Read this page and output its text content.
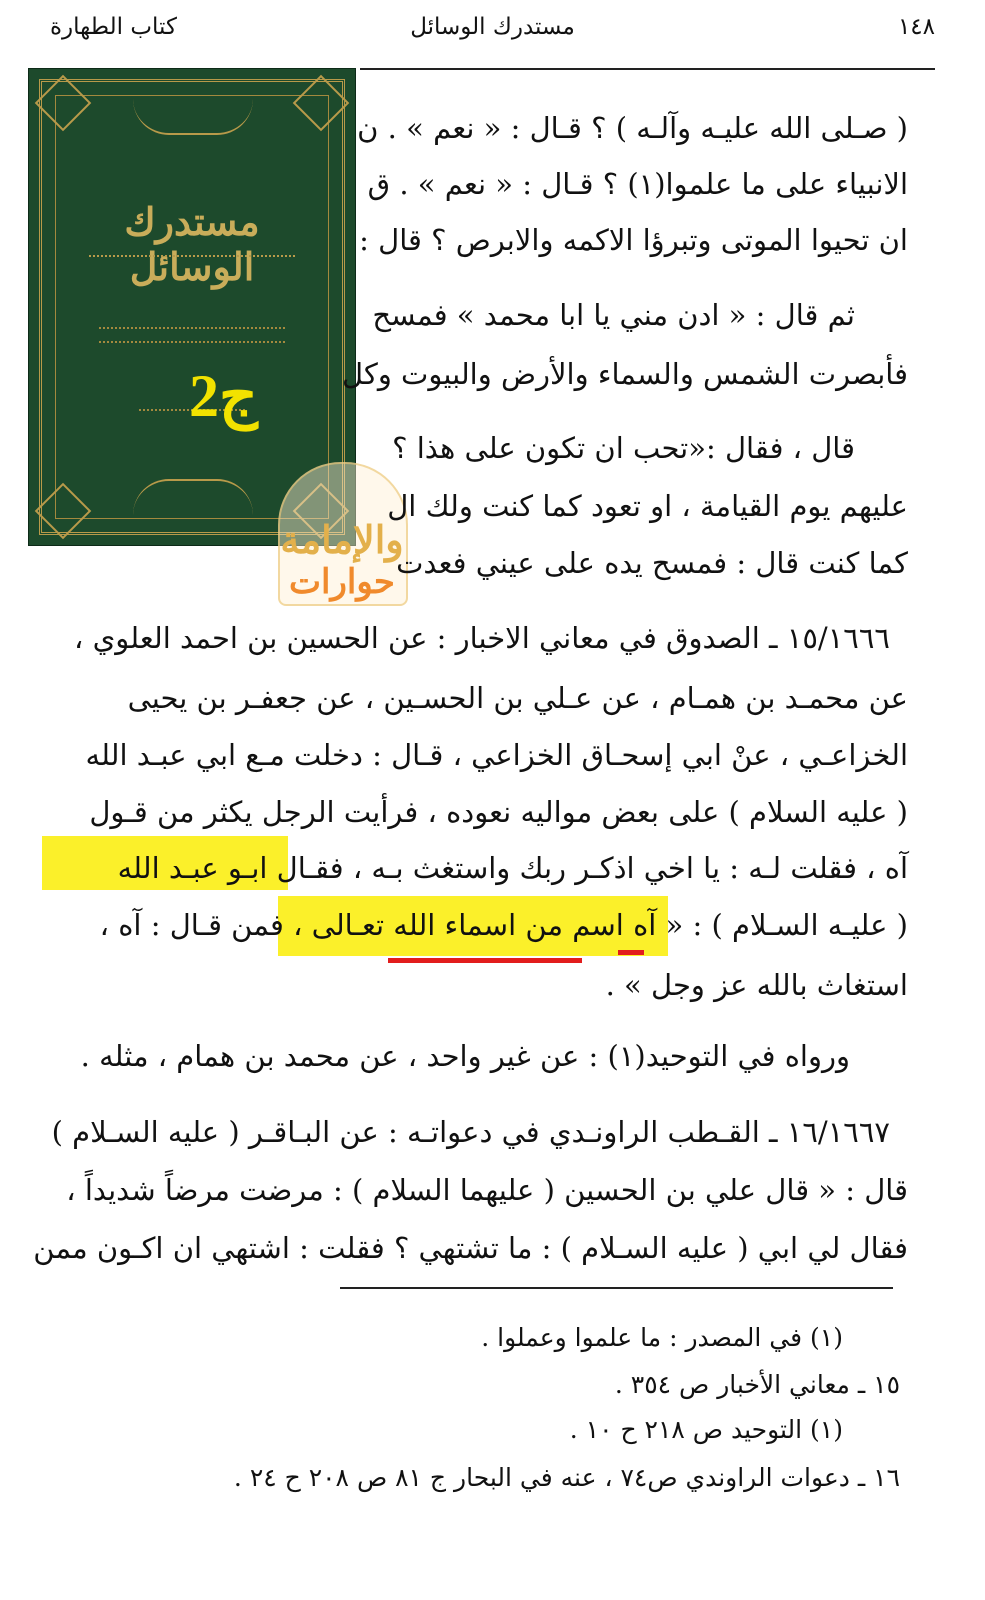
١٤٨
مستدرك الوسائل
كتاب الطهارة
مستدرك الوسائل
ج2
والإمامة
حوارات
( صـلى الله عليـه وآلـه ) ؟ قـال : « نعم » . ن
الانبياء على ما علموا(١) ؟ قـال : « نعم » . ق
ان تحيوا الموتى وتبرؤا الاكمه والابرص ؟ قال :
ثم قال : « ادن مني يا ابا محمد » فمسح
فأبصرت الشمس والسماء والأرض والبيوت وكل
قال ، فقال :«تحب ان تكون على هذا ؟
عليهم يوم القيامة ، او تعود كما كنت ولك ال
كما كنت قال : فمسح يده على عيني فعدت
١٥/١٦٦٦ ـ الصدوق في معاني الاخبار : عن الحسين بن احمد العلوي ،
عن محمـد بن همـام ، عن عـلي بن الحسـين ، عن جعفـر بن يحيى
الخزاعـي ، عنْ ابي إسحـاق الخزاعي ، قـال : دخلت مـع ابي عبـد الله
( عليه السلام ) على بعض مواليه نعوده ، فرأيت الرجل يكثر من قـول
آه ، فقلت لـه : يا اخي اذكـر ربك واستغث بـه ، فقـال ابـو عبـد الله
( عليـه السـلام ) : « آه اسم من اسماء الله تعـالى ، فمن قـال : آه ،
استغاث بالله عز وجل » .
ورواه في التوحيد(١) : عن غير واحد ، عن محمد بن همام ، مثله .
١٦/١٦٦٧ ـ القـطب الراونـدي في دعواتـه : عن البـاقـر ( عليه السـلام )
قال : « قال علي بن الحسين ( عليهما السلام ) : مرضت مرضاً شديداً ،
فقال لي ابي ( عليه السـلام ) : ما تشتهي ؟ فقلت : اشتهي ان اكـون ممن
(١) في المصدر : ما علموا وعملوا .
١٥ ـ معاني الأخبار ص ٣٥٤ .
(١) التوحيد ص ٢١٨ ح ١٠ .
١٦ ـ دعوات الراوندي ص٧٤ ، عنه في البحار ج ٨١ ص ٢٠٨ ح ٢٤ .
